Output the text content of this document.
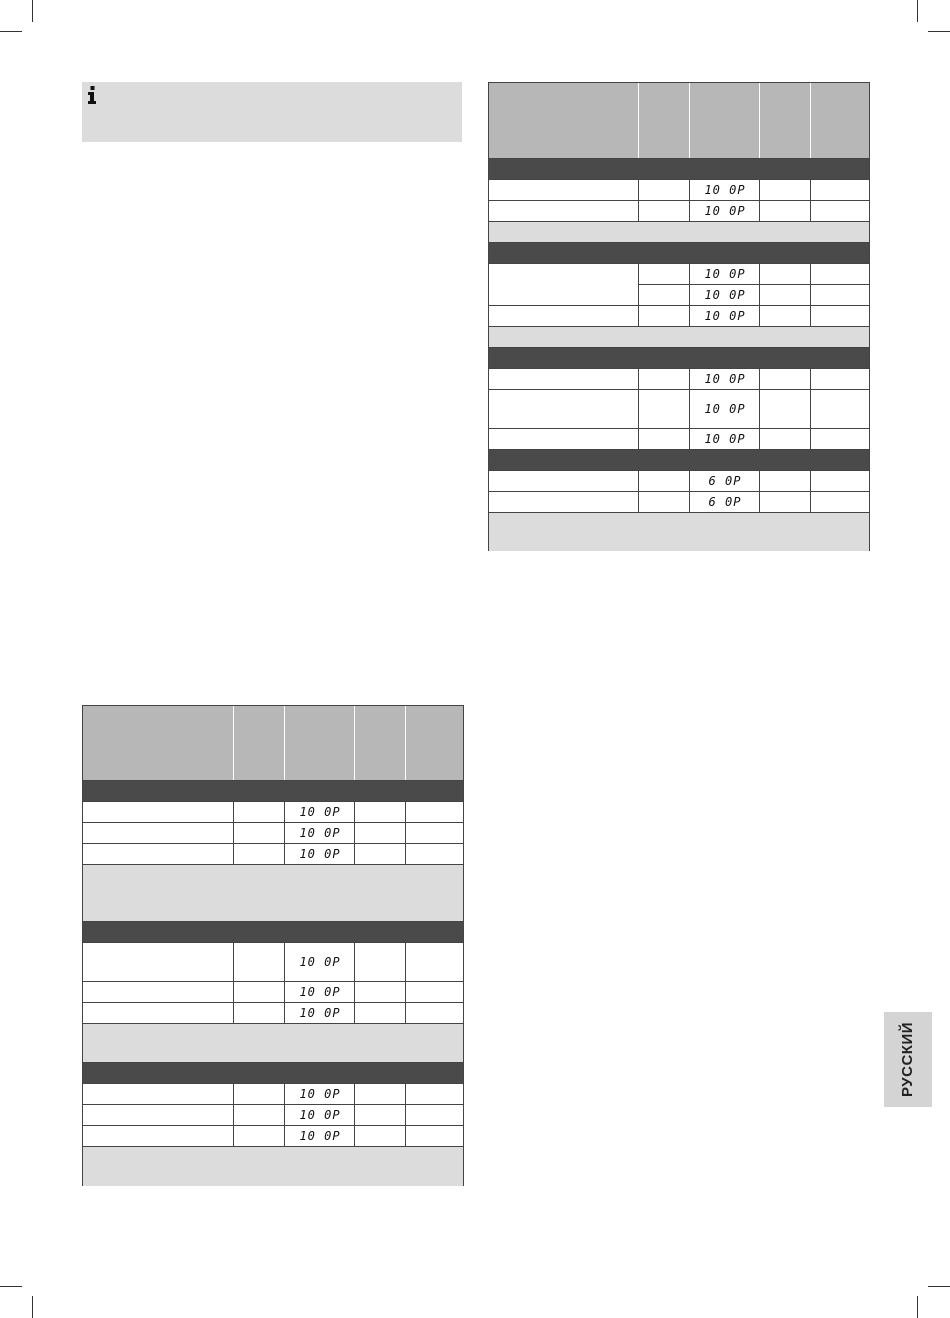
10 0P
10 0P
10 0P
10 0P
10 0P
10 0P
10 0P
10 0P
6 0P
6 0P
10 0P
10 0P
10 0P
10 0P
10 0P
10 0P
10 0P
10 0P
10 0P
РУССКИЙ
